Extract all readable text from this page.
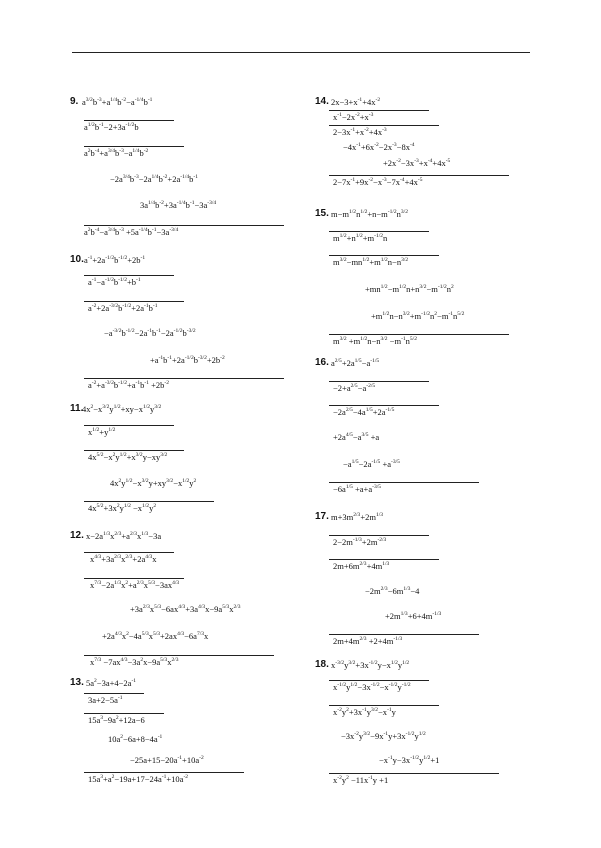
9. $a^{3/2}b^{-3}+a^{1/4}b^{-2}-a^{-1/4}b^{-1}$
$a^{1/2}b^{-1}-2+3a^{-1/2}b$
$a^2b^{-4}+a^{3/4}b^{-3}-a^{1/4}b^{-2}$
$-2a^{3/4}b^{-3}-2a^{1/4}b^{-2}+2a^{-1/4}b^{-1}$
$3a^{1/4}b^{-2}+3a^{-1/4}b^{-1}-3a^{-3/4}$
$a^2b^{-4}-a^{3/4}b^{-3} +5a^{-1/4}b^{-1}-3a^{-3/4}$
10. $a^{-1}+2a^{-1/2}b^{-1/2}+2b^{-1}$
$a^{-1}-a^{-1/2}b^{-1/2}+b^{-1}$
$a^{-2}+2a^{-3/2}b^{-1/2}+2a^{-1}b^{-1}$
$-a^{-3/2}b^{-1/2}-2a^{-1}b^{-1}-2a^{-1/2}b^{-3/2}$
$+a^{-1}b^{-1}+2a^{-1/2}b^{-3/2}+2b^{-2}$
$a^{-2}+a^{-3/2}b^{-1/2}+a^{-1}b^{-1} +2b^{-2}$
11.
$4x^2-x^{3/2}y^{1/2}+xy-x^{1/2}y^{3/2}$
$x^{1/2}+y^{1/2}$
$4x^{5/2}-x^2y^{1/2}+x^{3/2}y-xy^{3/2}$
$4x^2y^{1/2}-x^{3/2}y+xy^{3/2}-x^{1/2}y^2$
$4x^{5/2}+3x^2y^{1/2} -x^{1/2}y^2$
12. $x-2a^{1/3}x^{2/3}+a^{2/3}x^{1/3}-3a$
$x^{4/3}+3a^{2/3}x^{2/3}+2a^{4/3}x$
$x^{7/3}-2a^{1/3}x^2+a^{2/3}x^{5/3}-3ax^{4/3}$
$+3a^{2/3}x^{5/3}-6ax^{4/3}+3a^{4/3}x-9a^{5/3}x^{2/3}$
$+2a^{4/3}x^2-4a^{5/3}x^{5/3}+2ax^{4/3}-6a^{7/3}x$
$x^{7/3} -7ax^{4/3}-3a^2x-9a^{5/3}x^{2/3}$
13. $5a^2-3a+4-2a^{-1}$
$3a+2-5a^{-1}$
$15a^3-9a^2+12a-6$
$10a^2-6a+8-4a^{-1}$
$-25a+15-20a^{-1}+10a^{-2}$
$15a^3+a^2-19a+17-24a^{-1}+10a^{-2}$
14. $2x-3+x^{-1}+4x^{-2}$
$x^{-1}-2x^{-2}+x^{-3}$
$2-3x^{-1}+x^{-2}+4x^{-3}$
$-4x^{-1}+6x^{-2}-2x^{-3}-8x^{-4}$
$+2x^{-2}-3x^{-3}+x^{-4}+4x^{-5}$
$2-7x^{-1}+9x^{-2}-x^{-3}-7x^{-4}+4x^{-5}$
15. $m-m^{1/2}n^{1/2}+n-m^{-1/2}n^{3/2}$
$m^{1/2}+n^{1/2}+m^{-1/2}n$
$m^{3/2}-mn^{1/2}+m^{1/2}n-n^{3/2}$
$+mn^{1/2}-m^{1/2}n+n^{3/2}-m^{-1/2}n^2$
$+m^{1/2}n-n^{3/2}+m^{-1/2}n^2-m^{-1}n^{5/2}$
$m^{3/2} +m^{1/2}n-n^{3/2} -m^{-1}n^{5/2}$
16. $a^{2/5}+2a^{1/5}-a^{-1/5}$
$-2+a^{2/5}-a^{-2/5}$
$-2a^{2/5}-4a^{1/5}+2a^{-1/5}$
$+2a^{4/5}-a^{3/5} +a$
$-a^{1/5}-2a^{-1/5} +a^{-3/5}$
$-6a^{1/5} +a+a^{-3/5}$
17. $m+3m^{2/3}+2m^{1/3}$
$2-2m^{-1/3}+2m^{-2/3}$
$2m+6m^{2/3}+4m^{1/3}$
$-2m^{2/3}-6m^{1/3}-4$
$+2m^{1/3}+6+4m^{-1/3}$
$2m+4m^{2/3} +2+4m^{-1/3}$
18. $x^{-3/2}y^{3/2}+3x^{-1/2}y-x^{1/2}y^{1/2}$
$x^{-1/2}y^{1/2}-3x^{-1/2}-x^{-1/2}y^{-1/2}$
$x^{-2}y^2+3x^{-1}y^{3/2}-x^{-1}y$
$-3x^{-2}y^{3/2}-9x^{-1}y+3x^{-1/2}y^{1/2}$
$-x^{-1}y-3x^{-1/2}y^{1/2}+1$
$x^{-2}y^2 -11x^{-1}y +1$
